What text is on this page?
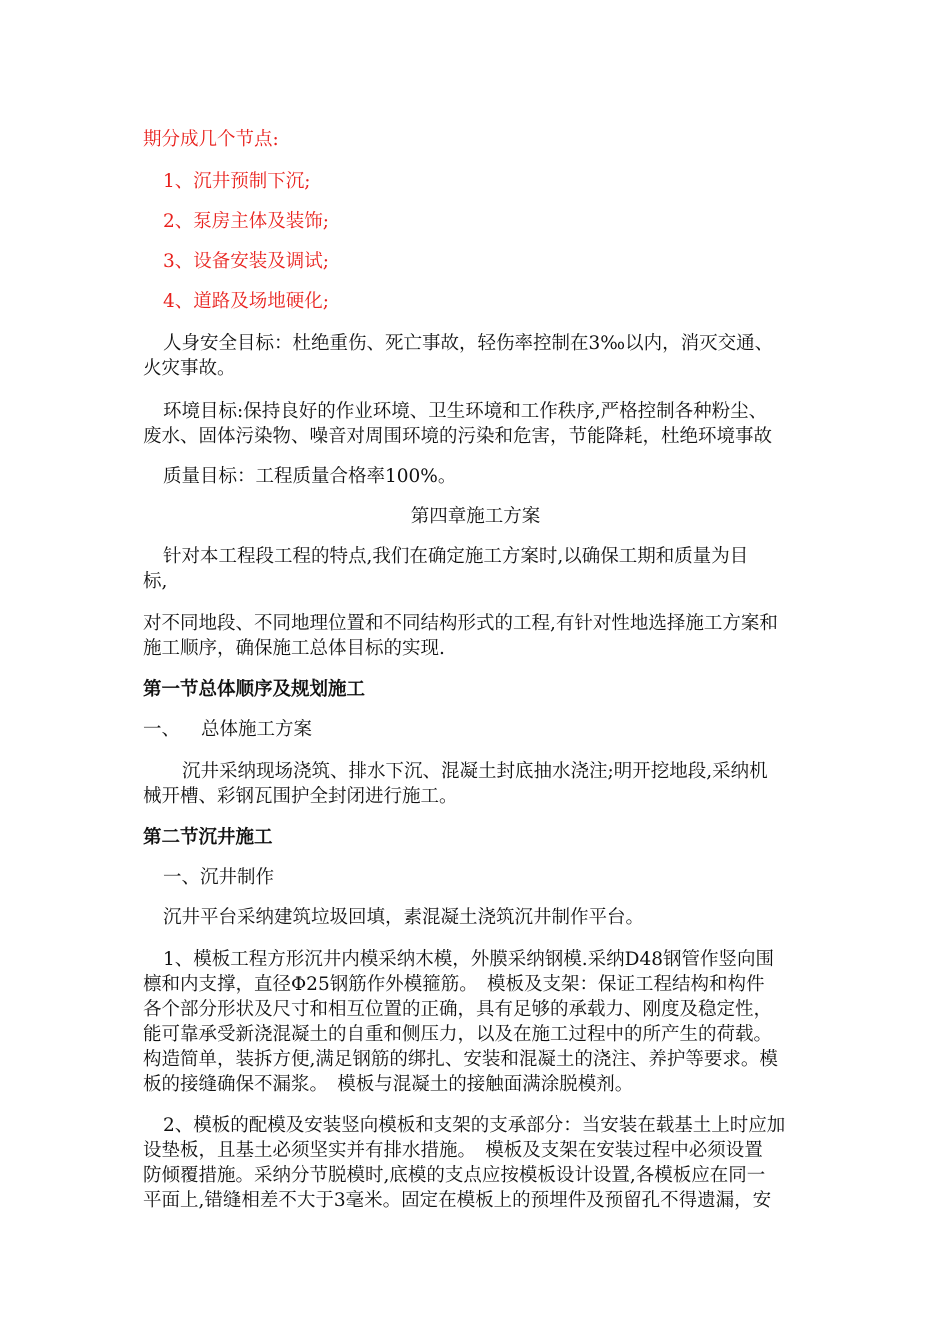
期分成几个节点:
1、沉井预制下沉;
2、泵房主体及装饰;
3、设备安装及调试;
4、道路及场地硬化;
人身安全目标：杜绝重伤、死亡事故，轻伤率控制在3‰以内，消灭交通、
火灾事故。
环境目标:保持良好的作业环境、卫生环境和工作秩序,严格控制各种粉尘、
废水、固体污染物、噪音对周围环境的污染和危害，节能降耗，杜绝环境事故
质量目标：工程质量合格率100%。
第四章施工方案
针对本工程段工程的特点,我们在确定施工方案时,以确保工期和质量为目
标,
对不同地段、不同地理位置和不同结构形式的工程,有针对性地选择施工方案和
施工顺序，确保施工总体目标的实现.
第一节总体顺序及规划施工
一、	总体施工方案
沉井采纳现场浇筑、排水下沉、混凝土封底抽水浇注;明开挖地段,采纳机
械开槽、彩钢瓦围护全封闭进行施工。
第二节沉井施工
一、沉井制作
沉井平台采纳建筑垃圾回填，素混凝土浇筑沉井制作平台。
1、模板工程方形沉井内模采纳木模，外膜采纳钢模.采纳D48钢管作竖向围
檩和内支撑，直径Φ25钢筋作外模箍筋。　模板及支架：保证工程结构和构件
各个部分形状及尺寸和相互位置的正确，具有足够的承载力、刚度及稳定性，
能可靠承受新浇混凝土的自重和侧压力，以及在施工过程中的所产生的荷载。
构造简单，装拆方便,满足钢筋的绑扎、安装和混凝土的浇注、养护等要求。模
板的接缝确保不漏浆。　模板与混凝土的接触面满涂脱模剂。
2、模板的配模及安装竖向模板和支架的支承部分：当安装在载基土上时应加
设垫板，且基土必须坚实并有排水措施。　模板及支架在安装过程中必须设置
防倾覆措施。采纳分节脱模时,底模的支点应按模板设计设置,各模板应在同一
平面上,错缝相差不大于3毫米。固定在模板上的预埋件及预留孔不得遗漏，安
